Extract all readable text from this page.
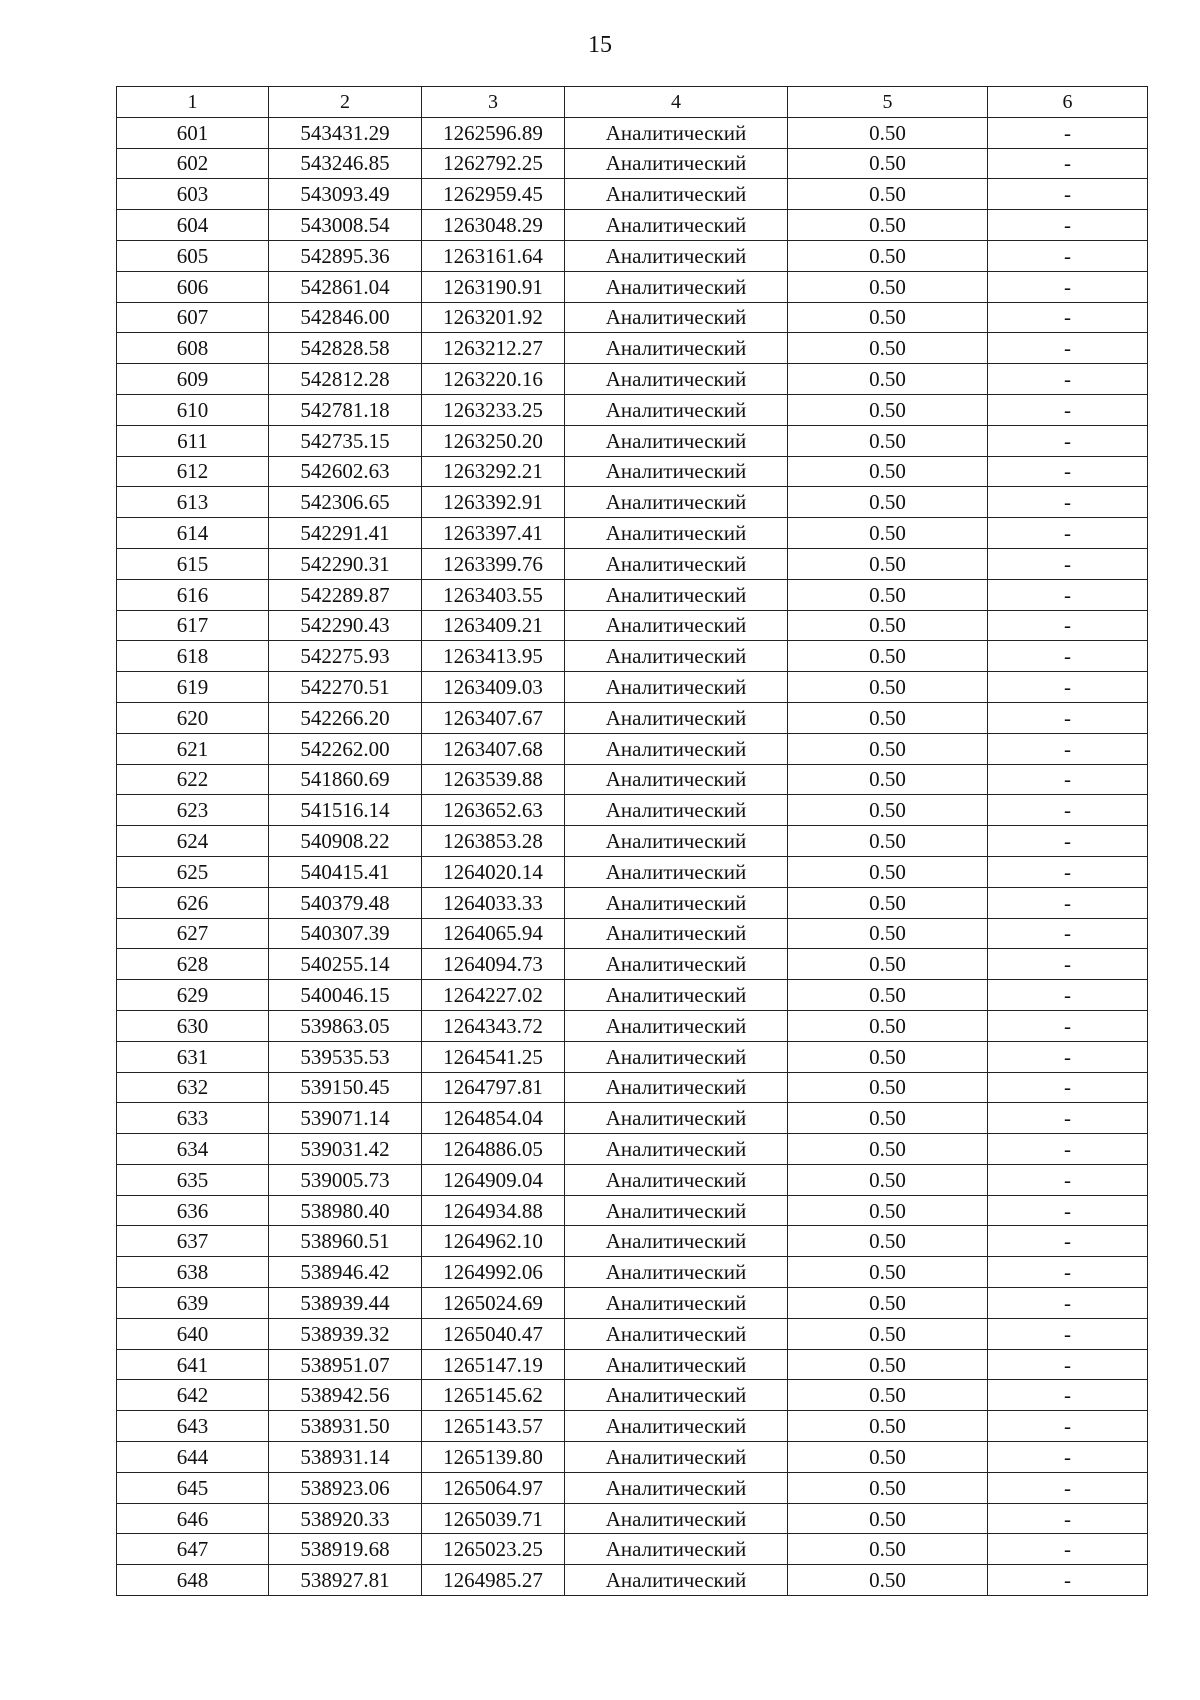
15
1	2	3	4	5	6
601	543431.29	1262596.89	Аналитический	0.50	-
602	543246.85	1262792.25	Аналитический	0.50	-
603	543093.49	1262959.45	Аналитический	0.50	-
604	543008.54	1263048.29	Аналитический	0.50	-
605	542895.36	1263161.64	Аналитический	0.50	-
606	542861.04	1263190.91	Аналитический	0.50	-
607	542846.00	1263201.92	Аналитический	0.50	-
608	542828.58	1263212.27	Аналитический	0.50	-
609	542812.28	1263220.16	Аналитический	0.50	-
610	542781.18	1263233.25	Аналитический	0.50	-
611	542735.15	1263250.20	Аналитический	0.50	-
612	542602.63	1263292.21	Аналитический	0.50	-
613	542306.65	1263392.91	Аналитический	0.50	-
614	542291.41	1263397.41	Аналитический	0.50	-
615	542290.31	1263399.76	Аналитический	0.50	-
616	542289.87	1263403.55	Аналитический	0.50	-
617	542290.43	1263409.21	Аналитический	0.50	-
618	542275.93	1263413.95	Аналитический	0.50	-
619	542270.51	1263409.03	Аналитический	0.50	-
620	542266.20	1263407.67	Аналитический	0.50	-
621	542262.00	1263407.68	Аналитический	0.50	-
622	541860.69	1263539.88	Аналитический	0.50	-
623	541516.14	1263652.63	Аналитический	0.50	-
624	540908.22	1263853.28	Аналитический	0.50	-
625	540415.41	1264020.14	Аналитический	0.50	-
626	540379.48	1264033.33	Аналитический	0.50	-
627	540307.39	1264065.94	Аналитический	0.50	-
628	540255.14	1264094.73	Аналитический	0.50	-
629	540046.15	1264227.02	Аналитический	0.50	-
630	539863.05	1264343.72	Аналитический	0.50	-
631	539535.53	1264541.25	Аналитический	0.50	-
632	539150.45	1264797.81	Аналитический	0.50	-
633	539071.14	1264854.04	Аналитический	0.50	-
634	539031.42	1264886.05	Аналитический	0.50	-
635	539005.73	1264909.04	Аналитический	0.50	-
636	538980.40	1264934.88	Аналитический	0.50	-
637	538960.51	1264962.10	Аналитический	0.50	-
638	538946.42	1264992.06	Аналитический	0.50	-
639	538939.44	1265024.69	Аналитический	0.50	-
640	538939.32	1265040.47	Аналитический	0.50	-
641	538951.07	1265147.19	Аналитический	0.50	-
642	538942.56	1265145.62	Аналитический	0.50	-
643	538931.50	1265143.57	Аналитический	0.50	-
644	538931.14	1265139.80	Аналитический	0.50	-
645	538923.06	1265064.97	Аналитический	0.50	-
646	538920.33	1265039.71	Аналитический	0.50	-
647	538919.68	1265023.25	Аналитический	0.50	-
648	538927.81	1264985.27	Аналитический	0.50	-
